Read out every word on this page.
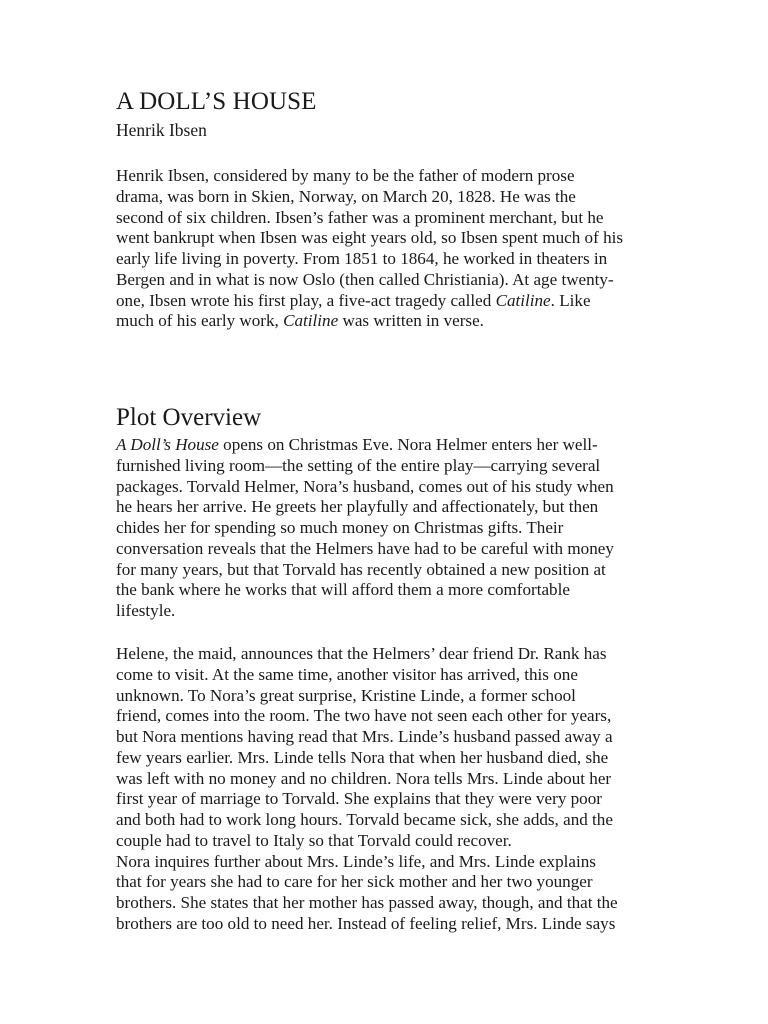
A DOLL’S HOUSE
Henrik Ibsen
Henrik Ibsen, considered by many to be the father of modern prose
drama, was born in Skien, Norway, on March 20, 1828. He was the
second of six children. Ibsen’s father was a prominent merchant, but he
went bankrupt when Ibsen was eight years old, so Ibsen spent much of his
early life living in poverty. From 1851 to 1864, he worked in theaters in
Bergen and in what is now Oslo (then called Christiania). At age twenty-
one, Ibsen wrote his first play, a five-act tragedy called Catiline. Like
much of his early work, Catiline was written in verse.
Plot Overview
A Doll’s House opens on Christmas Eve. Nora Helmer enters her well-
furnished living room—the setting of the entire play—carrying several
packages. Torvald Helmer, Nora’s husband, comes out of his study when
he hears her arrive. He greets her playfully and affectionately, but then
chides her for spending so much money on Christmas gifts. Their
conversation reveals that the Helmers have had to be careful with money
for many years, but that Torvald has recently obtained a new position at
the bank where he works that will afford them a more comfortable
lifestyle.
Helene, the maid, announces that the Helmers’ dear friend Dr. Rank has
come to visit. At the same time, another visitor has arrived, this one
unknown. To Nora’s great surprise, Kristine Linde, a former school
friend, comes into the room. The two have not seen each other for years,
but Nora mentions having read that Mrs. Linde’s husband passed away a
few years earlier. Mrs. Linde tells Nora that when her husband died, she
was left with no money and no children. Nora tells Mrs. Linde about her
first year of marriage to Torvald. She explains that they were very poor
and both had to work long hours. Torvald became sick, she adds, and the
couple had to travel to Italy so that Torvald could recover.
Nora inquires further about Mrs. Linde’s life, and Mrs. Linde explains
that for years she had to care for her sick mother and her two younger
brothers. She states that her mother has passed away, though, and that the
brothers are too old to need her. Instead of feeling relief, Mrs. Linde says
